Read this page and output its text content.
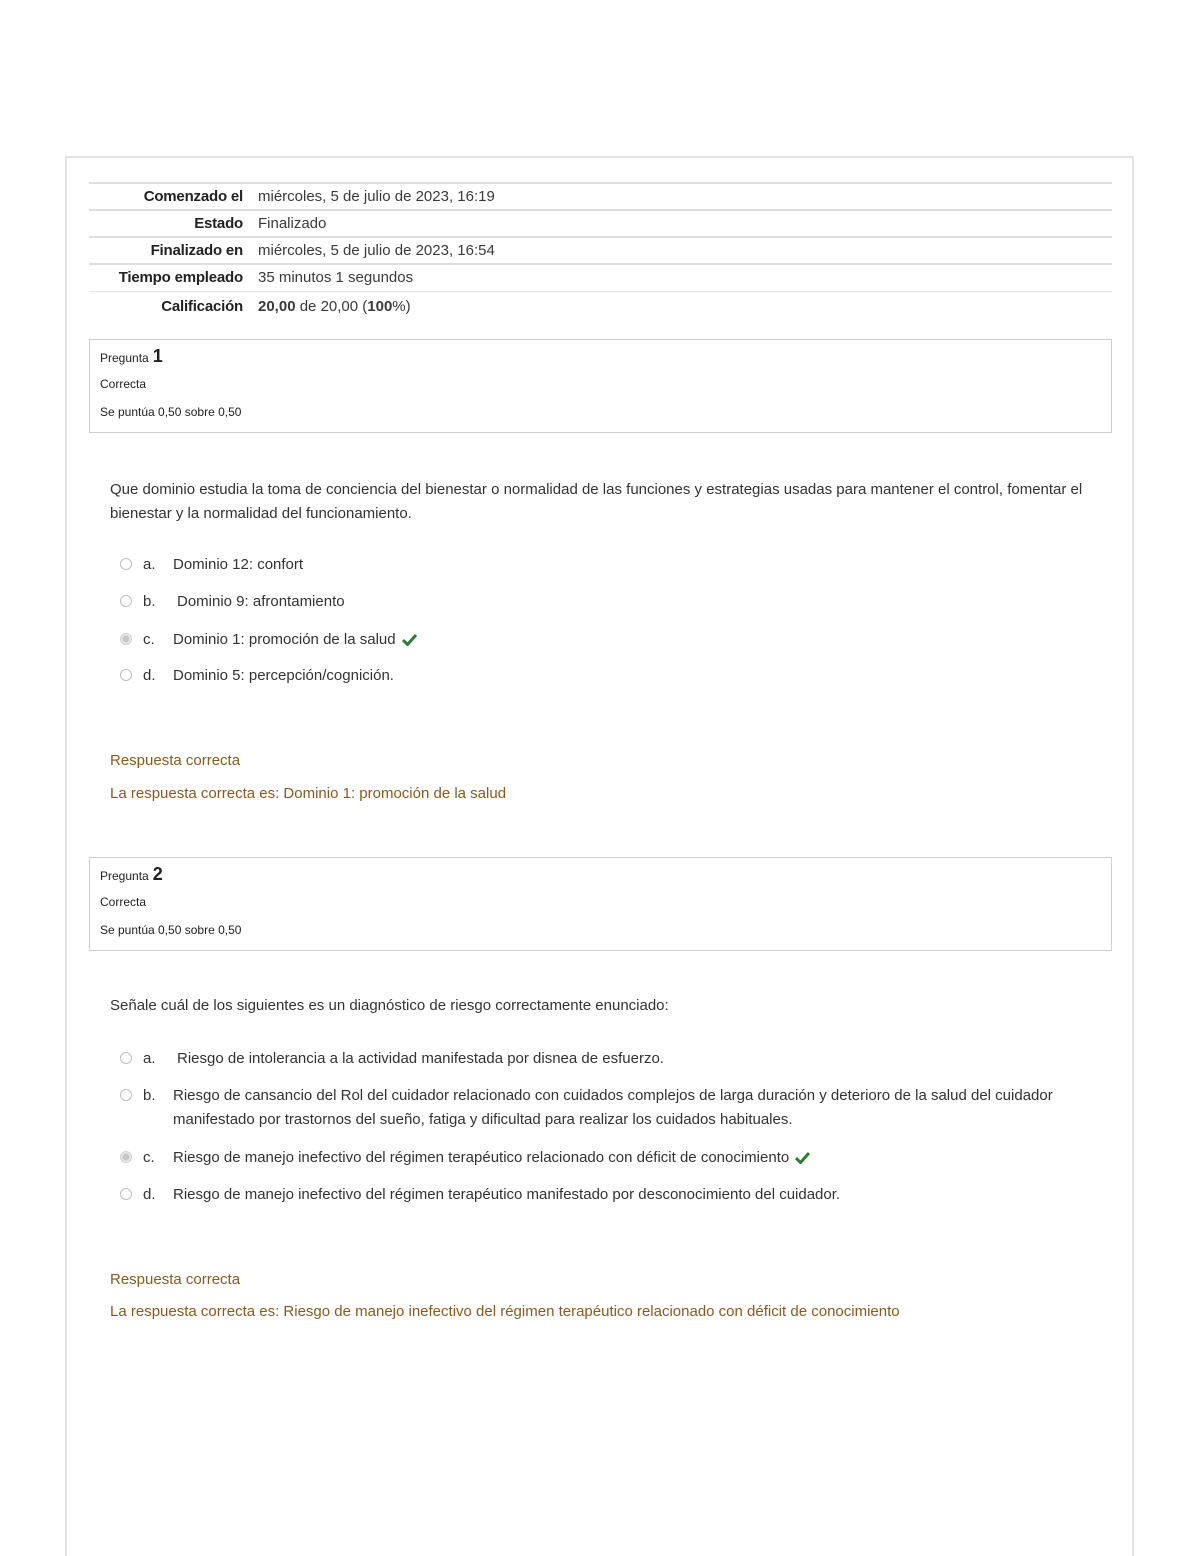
Comenzado el	miércoles, 5 de julio de 2023, 16:19
Estado	Finalizado
Finalizado en	miércoles, 5 de julio de 2023, 16:54
Tiempo empleado	35 minutos 1 segundos
Calificación	20,00 de 20,00 (100%)
Pregunta 1
Correcta
Se puntúa 0,50 sobre 0,50
Que dominio estudia la toma de conciencia del bienestar o normalidad de las funciones y estrategias usadas para mantener el control, fomentar el bienestar y la normalidad del funcionamiento.
a.	Dominio 12: confort
b.	Dominio 9: afrontamiento
c.	Dominio 1: promoción de la salud
d.	Dominio 5: percepción/cognición.
Respuesta correcta
La respuesta correcta es: Dominio 1: promoción de la salud
Pregunta 2
Correcta
Se puntúa 0,50 sobre 0,50
Señale cuál de los siguientes es un diagnóstico de riesgo correctamente enunciado:
a.	Riesgo de intolerancia a la actividad manifestada por disnea de esfuerzo.
b.	Riesgo de cansancio del Rol del cuidador relacionado con cuidados complejos de larga duración y deterioro de la salud del cuidador manifestado por trastornos del sueño, fatiga y dificultad para realizar los cuidados habituales.
c.	Riesgo de manejo inefectivo del régimen terapéutico relacionado con déficit de conocimiento
d.	Riesgo de manejo inefectivo del régimen terapéutico manifestado por desconocimiento del cuidador.
Respuesta correcta
La respuesta correcta es: Riesgo de manejo inefectivo del régimen terapéutico relacionado con déficit de conocimiento
